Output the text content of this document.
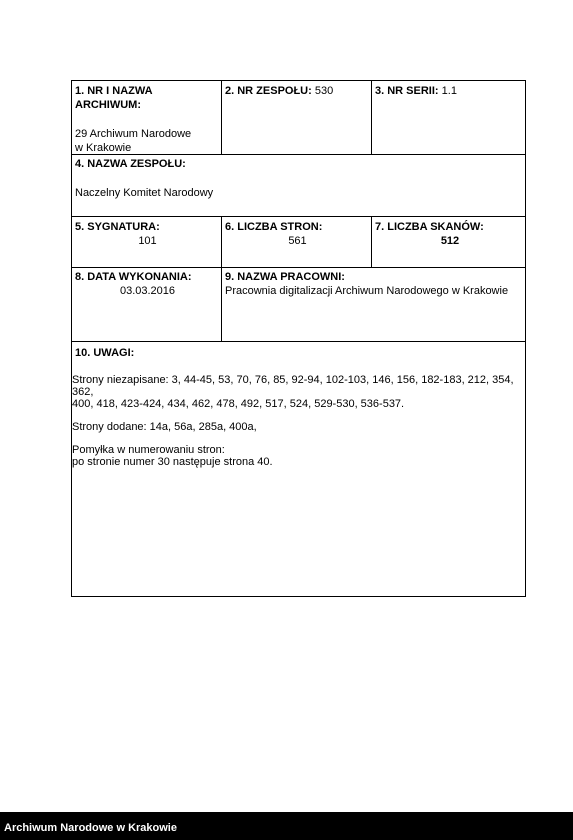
1. NR I NAZWA ARCHIWUM:
29 Archiwum Narodowe
w Krakowie
2. NR ZESPOŁU: 530	3. NR SERII: 1.1
4. NAZWA ZESPOŁU:
Naczelny Komitet Narodowy
5. SYGNATURA:
101
6. LICZBA STRON:
561
7. LICZBA SKANÓW:
512
8. DATA WYKONANIA:
03.03.2016
9. NAZWA PRACOWNI:
Pracownia digitalizacji Archiwum Narodowego w Krakowie
10. UWAGI:

Strony niezapisane: 3, 44-45, 53, 70, 76, 85, 92-94, 102-103, 146, 156, 182-183, 212, 354, 362,

400, 418, 423-424, 434, 462, 478, 492, 517, 524, 529-530, 536-537.

Strony dodane: 14a, 56a, 285a, 400a,

Pomyłka w numerowaniu stron:

po stronie numer 30 następuje strona 40.

Archiwum Narodowe w Krakowie
